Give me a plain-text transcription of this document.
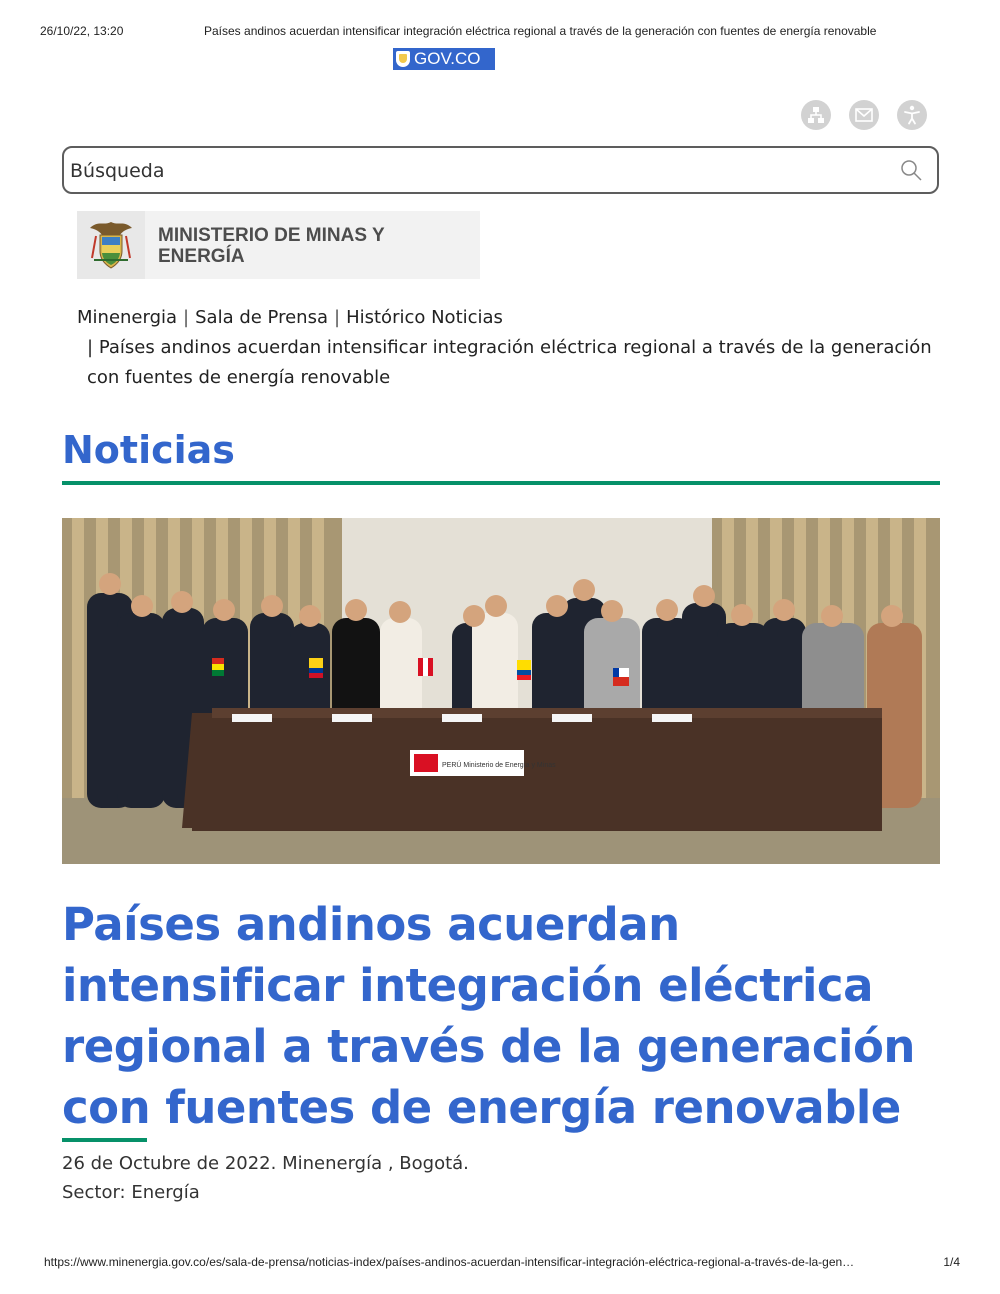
26/10/22, 13:20	Países andinos acuerdan intensificar integración eléctrica regional a través de la generación con fuentes de energía renovable
GOV.CO
Búsqueda
MINISTERIO DE MINAS Y ENERGÍA
Minenergia | Sala de Prensa | Histórico Noticias
| Países andinos acuerdan intensificar integración eléctrica regional a través de la generación con fuentes de energía renovable
Noticias
PERÚ Ministerio de Energía y Minas
Países andinos acuerdan intensificar integración eléctrica regional a través de la generación con fuentes de energía renovable
26 de Octubre de 2022. Minenergía , Bogotá.
Sector: Energía
https://www.minenergia.gov.co/es/sala-de-prensa/noticias-index/países-andinos-acuerdan-intensificar-integración-eléctrica-regional-a-través-de-la-gen…	1/4
